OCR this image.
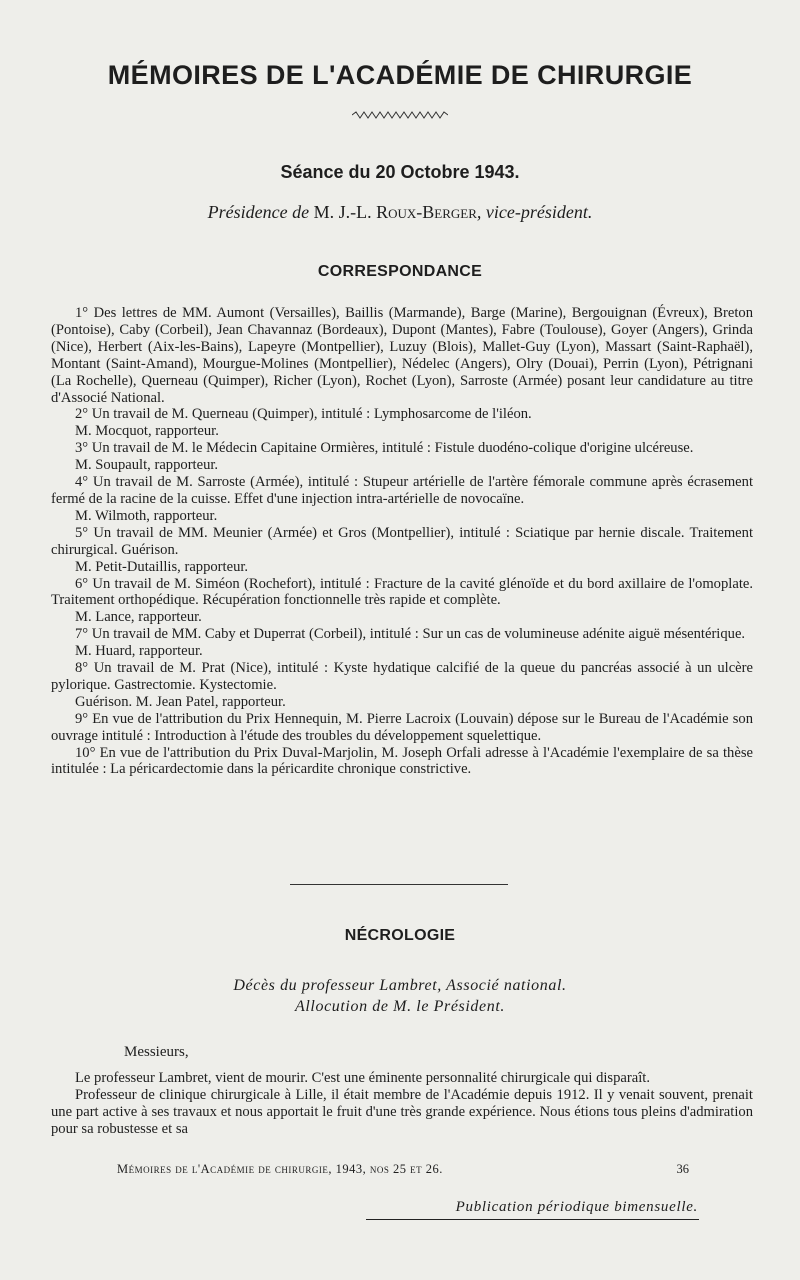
MÉMOIRES DE L'ACADÉMIE DE CHIRURGIE
Séance du 20 Octobre 1943.
Présidence de M. J.-L. Roux-Berger, vice-président.
CORRESPONDANCE

1° Des lettres de MM. Aumont (Versailles), Baillis (Marmande), Barge (Marine), Bergouignan (Évreux), Breton (Pontoise), Caby (Corbeil), Jean Chavannaz (Bordeaux), Dupont (Mantes), Fabre (Toulouse), Goyer (Angers), Grinda (Nice), Herbert (Aix-les-Bains), Lapeyre (Montpellier), Luzuy (Blois), Mallet-Guy (Lyon), Massart (Saint-Raphaël), Montant (Saint-Amand), Mourgue-Molines (Montpellier), Nédelec (Angers), Olry (Douai), Perrin (Lyon), Pétrignani (La Rochelle), Querneau (Quimper), Richer (Lyon), Rochet (Lyon), Sarroste (Armée) posant leur candidature au titre d'Associé National.

2° Un travail de M. Querneau (Quimper), intitulé : Lymphosarcome de l'iléon.

M. Mocquot, rapporteur.

3° Un travail de M. le Médecin Capitaine Ormières, intitulé : Fistule duodéno-colique d'origine ulcéreuse.

M. Soupault, rapporteur.

4° Un travail de M. Sarroste (Armée), intitulé : Stupeur artérielle de l'artère fémorale commune après écrasement fermé de la racine de la cuisse. Effet d'une injection intra-artérielle de novocaïne.

M. Wilmoth, rapporteur.

5° Un travail de MM. Meunier (Armée) et Gros (Montpellier), intitulé : Sciatique par hernie discale. Traitement chirurgical. Guérison.

M. Petit-Dutaillis, rapporteur.

6° Un travail de M. Siméon (Rochefort), intitulé : Fracture de la cavité glénoïde et du bord axillaire de l'omoplate. Traitement orthopédique. Récupération fonctionnelle très rapide et complète.

M. Lance, rapporteur.

7° Un travail de MM. Caby et Duperrat (Corbeil), intitulé : Sur un cas de volumineuse adénite aiguë mésentérique.

M. Huard, rapporteur.

8° Un travail de M. Prat (Nice), intitulé : Kyste hydatique calcifié de la queue du pancréas associé à un ulcère pylorique. Gastrectomie. Kystectomie.

Guérison. M. Jean Patel, rapporteur.

9° En vue de l'attribution du Prix Hennequin, M. Pierre Lacroix (Louvain) dépose sur le Bureau de l'Académie son ouvrage intitulé : Introduction à l'étude des troubles du développement squelettique.

10° En vue de l'attribution du Prix Duval-Marjolin, M. Joseph Orfali adresse à l'Académie l'exemplaire de sa thèse intitulée : La péricardectomie dans la péricardite chronique constrictive.

NÉCROLOGIE
Décès du professeur Lambret, Associé national.
Allocution de M. le Président.
Messieurs,

Le professeur Lambret, vient de mourir. C'est une éminente personnalité chirurgicale qui disparaît.

Professeur de clinique chirurgicale à Lille, il était membre de l'Académie depuis 1912. Il y venait souvent, prenait une part active à ses travaux et nous apportait le fruit d'une très grande expérience. Nous étions tous pleins d'admiration pour sa robustesse et sa

Mémoires de l'Académie de chirurgie, 1943, nos 25 et 26.	36
Publication périodique bimensuelle.
